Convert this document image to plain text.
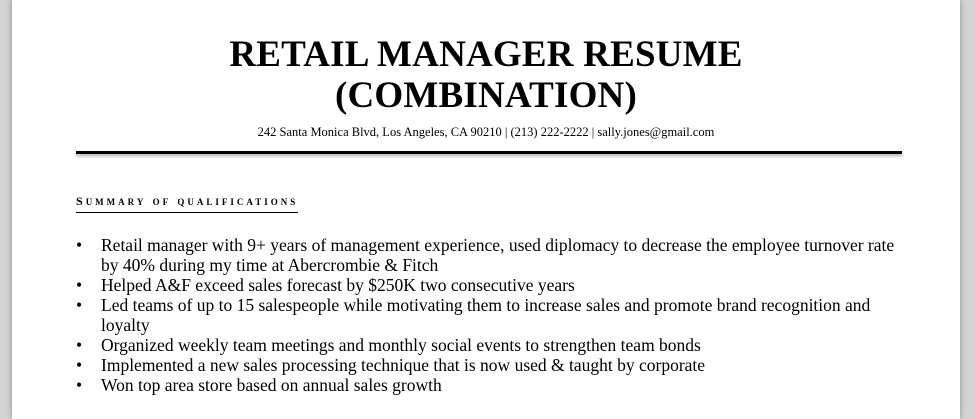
RETAIL MANAGER RESUME
(COMBINATION)
242 Santa Monica Blvd, Los Angeles, CA 90210 | (213) 222-2222 | sally.jones@gmail.com
summary of qualifications
•	Retail manager with 9+ years of management experience, used diplomacy to decrease the employee turnover rate by 40% during my time at Abercrombie & Fitch
•	Helped A&F exceed sales forecast by $250K two consecutive years
•	Led teams of up to 15 salespeople while motivating them to increase sales and promote brand recognition and loyalty
•	Organized weekly team meetings and monthly social events to strengthen team bonds
•	Implemented a new sales processing technique that is now used & taught by corporate
•	Won top area store based on annual sales growth
